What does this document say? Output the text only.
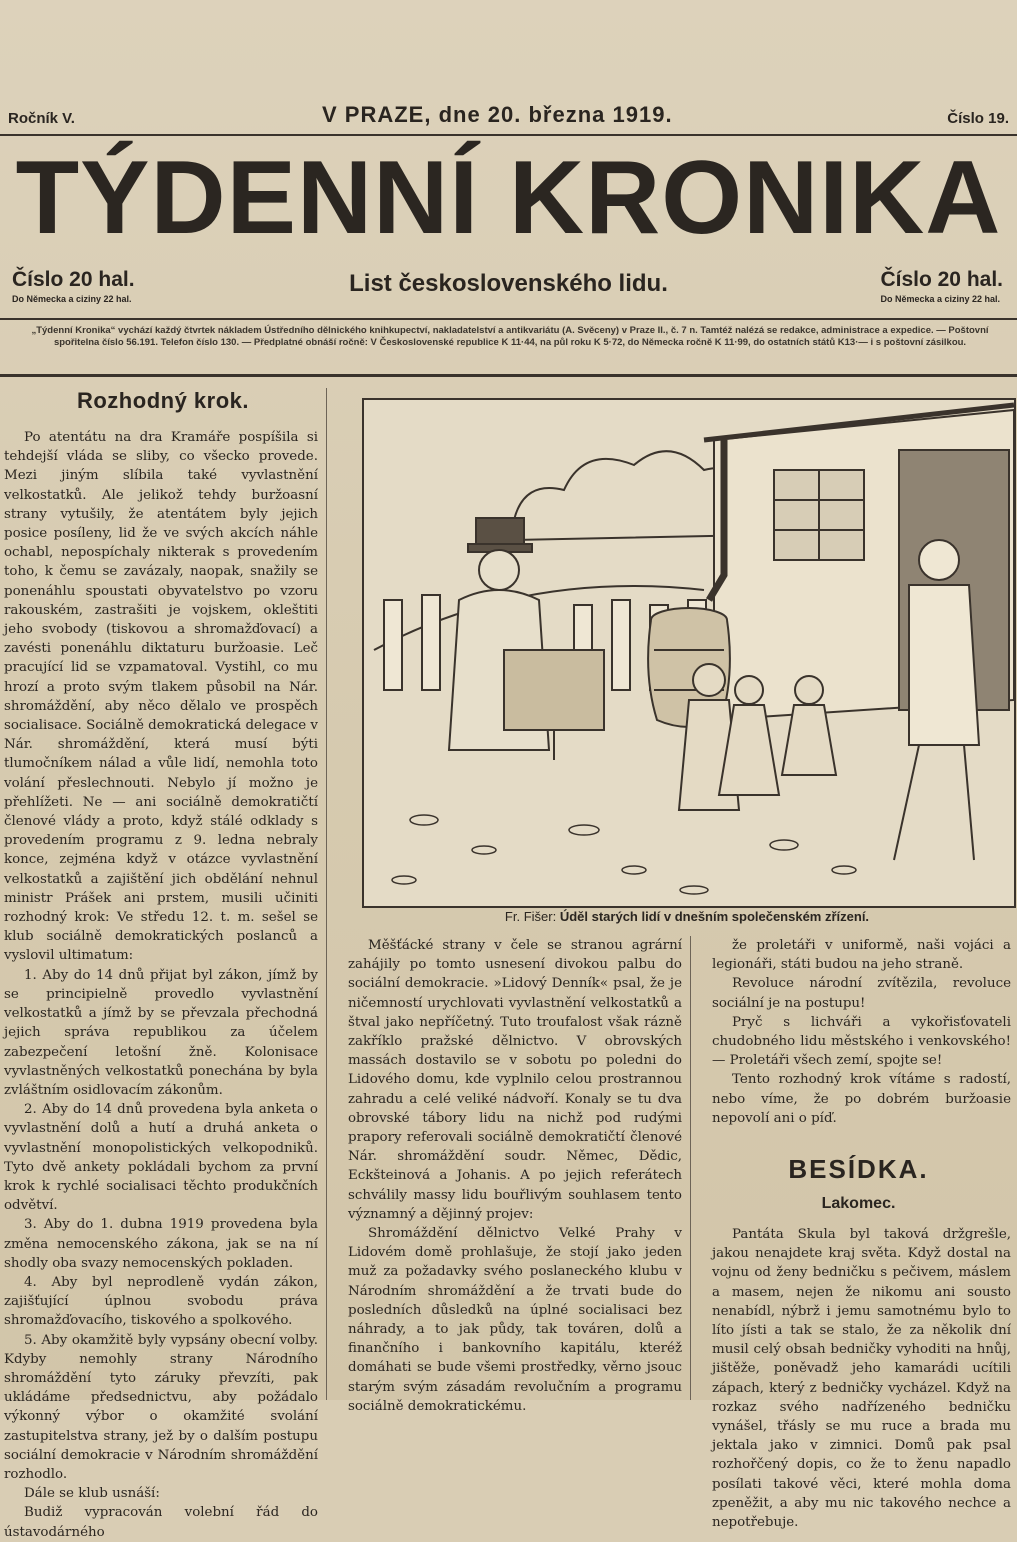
Ročník V.	V PRAZE, dne 20. března 1919.	Číslo 19.
TÝDENNÍ KRONIKA
Číslo 20 hal.
Do Německa a ciziny 22 hal.
List československého lidu.	Číslo 20 hal.
Do Německa a ciziny 22 hal.
„Týdenní Kronika“ vychází každý čtvrtek nákladem Ústředního dělnického knihkupectví, nakladatelství a antikvariátu (A. Svěceny) v Praze II., č. 7 n. Tamtéž nalézá se redakce, administrace a expedice. — Poštovní spořitelna číslo 56.191. Telefon číslo 130. — Předplatné obnáší ročně: V Československé republice K 11·44, na půl roku K 5·72, do Německa ročně K 11·99, do ostatních států K13·— i s poštovní zásilkou.
Rozhodný krok.

Po atentátu na dra Kramáře pospíšila si tehdejší vláda se sliby, co všecko provede. Mezi jiným slíbila také vyvlastnění velkostatků. Ale jelikož tehdy buržoasní strany vytušily, že atentátem byly jejich posice posíleny, lid že ve svých akcích náhle ochabl, nepospíchaly nikterak s provedením toho, k čemu se zavázaly, naopak, snažily se ponenáhlu spoustati obyvatelstvo po vzoru rakouském, zastrašiti je vojskem, okleštiti jeho svobody (tiskovou a shromažďovací) a zavésti ponenáhlu diktaturu buržoasie. Leč pracující lid se vzpamatoval. Vystihl, co mu hrozí a proto svým tlakem působil na Nár. shromáždění, aby něco dělalo ve prospěch socialisace. Sociálně demokratická delegace v Nár. shromáždění, která musí býti tlumočníkem nálad a vůle lidí, nemohla toto volání přeslechnouti. Nebylo jí možno je přehlížeti. Ne — ani sociálně demokratičtí členové vlády a proto, když stálé odklady s provedením programu z 9. ledna nebraly konce, zejména když v otázce vyvlastnění velkostatků a zajištění jich obdělání nehnul ministr Prášek ani prstem, musili učiniti rozhodný krok: Ve středu 12. t. m. sešel se klub sociálně demokratických poslanců a vyslovil ultimatum:

1. Aby do 14 dnů přijat byl zákon, jímž by se principielně provedlo vyvlastnění velkostatků a jímž by se převzala přechodná jejich správa republikou za účelem zabezpečení letošní žně. Kolonisace vyvlastněných velkostatků ponechána by byla zvláštním osidlovacím zákonům.

2. Aby do 14 dnů provedena byla anketa o vyvlastnění dolů a hutí a druhá anketa o vyvlastnění monopolistických velkopodniků. Tyto dvě ankety pokládali bychom za první krok k rychlé socialisaci těchto produkčních odvětví.

3. Aby do 1. dubna 1919 provedena byla změna nemocenského zákona, jak se na ní shodly oba svazy nemocenských pokladen.

4. Aby byl neprodleně vydán zákon, zajišťující úplnou svobodu práva shromažďovacího, tiskového a spolkového.

5. Aby okamžitě byly vypsány obecní volby. Kdyby nemohly strany Národního shromáždění tyto záruky převzíti, pak ukládáme předsednictvu, aby požádalo výkonný výbor o okamžité svolání zastupitelstva strany, jež by o dalším postupu sociální demokracie v Národním shromáždění rozhodlo.

Dále se klub usnáší:

Budiž vypracován volební řád do ústavodárného

Fr. Fišer: Úděl starých lidí v dnešním společenském zřízení.

Měšťácké strany v čele se stranou agrární zahájily po tomto usnesení divokou palbu do sociální demokracie. »Lidový Denník« psal, že je ničemností urychlovati vyvlastnění velkostatků a štval jako nepříčetný. Tuto troufalost však rázně zakříklo pražské dělnictvo. V obrovských massách dostavilo se v sobotu po poledni do Lidového domu, kde vyplnilo celou prostrannou zahradu a celé veliké nádvoří. Konaly se tu dva obrovské tábory lidu na nichž pod rudými prapory referovali sociálně demokratičtí členové Nár. shromáždění soudr. Němec, Dědic, Eckšteinová a Johanis. A po jejich referátech schválily massy lidu bouřlivým souhlasem tento významný a dějinný projev:

Shromáždění dělnictvo Velké Prahy v Lidovém domě prohlašuje, že stojí jako jeden muž za požadavky svého poslaneckého klubu v Národním shromáždění a že trvati bude do posledních důsledků na úplné socialisaci bez náhrady, a to jak půdy, tak továren, dolů a finančního i bankovního kapitálu, kteréž domáhati se bude všemi prostředky, věrno jsouc starým svým zásadám revolučním a programu sociálně demokratickému.

že proletáři v uniformě, naši vojáci a legionáři, státi budou na jeho straně.

Revoluce národní zvítězila, revoluce sociální je na postupu!

Pryč s lichváři a vykořisťovateli chudobného lidu městského i venkovského! — Proletáři všech zemí, spojte se!

Tento rozhodný krok vítáme s radostí, nebo víme, že po dobrém buržoasie nepovolí ani o píď.

BESÍDKA.
Lakomec.

Pantáta Skula byl taková držgrešle, jakou nenajdete kraj světa. Když dostal na vojnu od ženy bedničku s pečivem, máslem a masem, nejen že nikomu ani sousto nenabídl, nýbrž i jemu samotnému bylo to líto jísti a tak se stalo, že za několik dní musil celý obsah bedničky vyhoditi na hnůj, jištěže, poněvadž jeho kamarádi ucítili zápach, který z bedničky vycházel. Když na rozkaz svého nadřízeného bedničku vynášel, třásly se mu ruce a brada mu jektala jako v zimnici. Domů pak psal rozhořčený dopis, co že to ženu napadlo posílati takové věci, které mohla doma zpeněžit, a aby mu nic takového nechce a nepotřebuje.
